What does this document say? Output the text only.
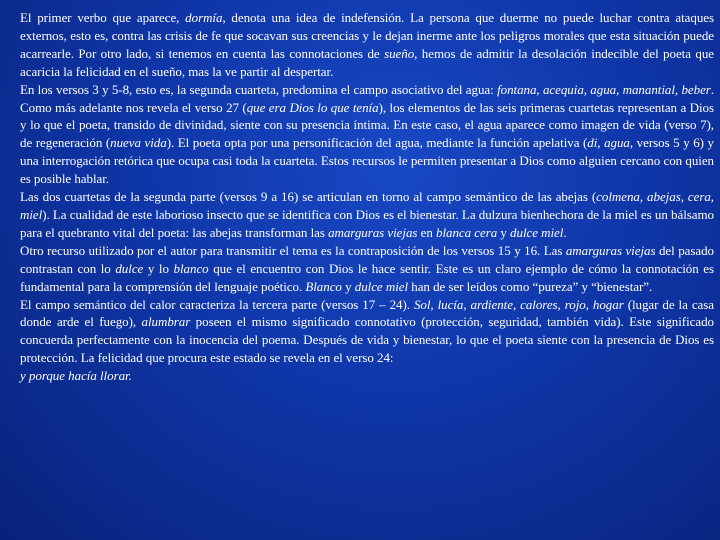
El primer verbo que aparece, dormía, denota una idea de indefensión. La persona que duerme no puede luchar contra ataques externos, esto es, contra las crisis de fe que socavan sus creencias y le dejan inerme ante los peligros morales que esta situación puede acarrearle. Por otro lado, si tenemos en cuenta las connotaciones de sueño, hemos de admitir la desolación indecible del poeta que acaricia la felicidad en el sueño, mas la ve partir al despertar.

En los versos 3 y 5-8, esto es, la segunda cuarteta, predomina el campo asociativo del agua: fontana, acequia, agua, manantial, beber. Como más adelante nos revela el verso 27 (que era Dios lo que tenía), los elementos de las seis primeras cuartetas representan a Dios y lo que el poeta, transido de divinidad, siente con su presencia íntima. En este caso, el agua aparece como imagen de vida (verso 7), de regeneración (nueva vida). El poeta opta por una personificación del agua, mediante la función apelativa (di, agua, versos 5 y 6) y una interrogación retórica que ocupa casi toda la cuarteta. Estos recursos le permiten presentar a Dios como alguien cercano con quien es posible hablar.

Las dos cuartetas de la segunda parte (versos 9 a 16) se articulan en torno al campo semántico de las abejas (colmena, abejas, cera, miel). La cualidad de este laborioso insecto que se identifica con Dios es el bienestar. La dulzura bienhechora de la miel es un bálsamo para el quebranto vital del poeta: las abejas transforman las amarguras viejas en blanca cera y dulce miel.

Otro recurso utilizado por el autor para transmitir el tema es la contraposición de los versos 15 y 16. Las amarguras viejas del pasado contrastan con lo dulce y lo blanco que el encuentro con Dios le hace sentir. Este es un claro ejemplo de cómo la connotación es fundamental para la comprensión del lenguaje poético. Blanco y dulce miel han de ser leídos como “pureza” y “bienestar”.

El campo semántico del calor caracteriza la tercera parte (versos 17 – 24). Sol, lucía, ardiente, calores, rojo, hogar (lugar de la casa donde arde el fuego), alumbrar poseen el mismo significado connotativo (protección, seguridad, también vida). Este significado concuerda perfectamente con la inocencia del poema. Después de vida y bienestar, lo que el poeta siente con la presencia de Dios es protección. La felicidad que procura este estado se revela en el verso 24:

y porque hacía llorar.
